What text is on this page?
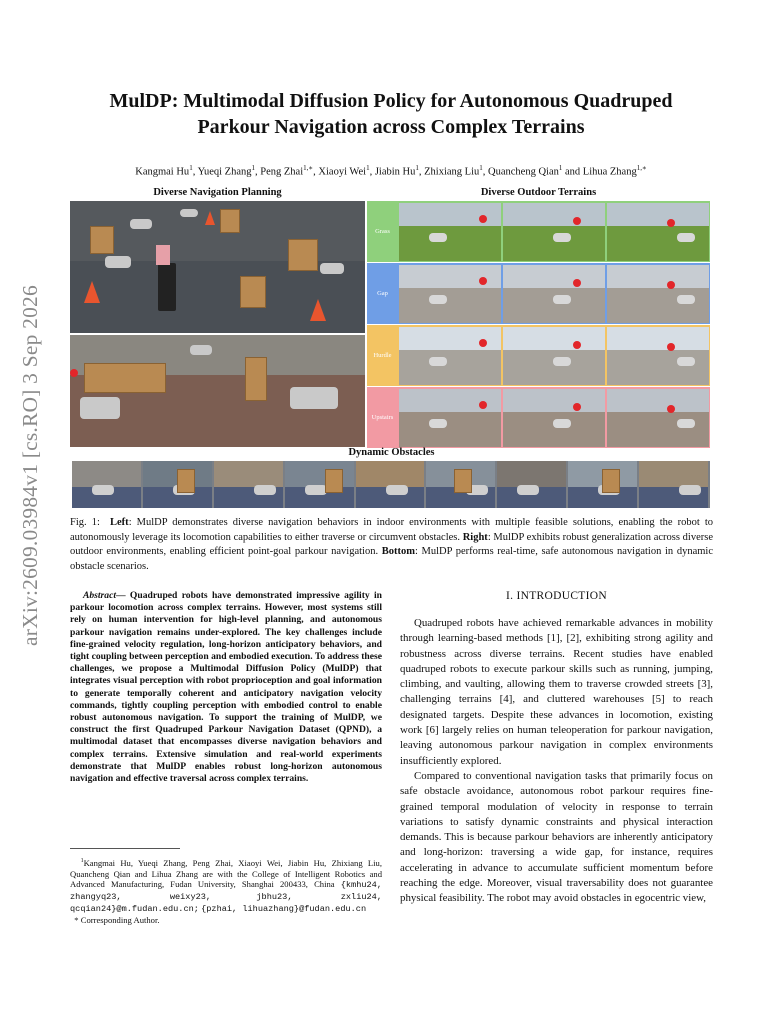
arXiv:2609.03984v1 [cs.RO] 3 Sep 2026
MulDP: Multimodal Diffusion Policy for Autonomous Quadruped
Parkour Navigation across Complex Terrains
Kangmai Hu$^1$, Yueqi Zhang$^1$, Peng Zhai$^{1,∗}$, Xiaoyi Wei$^1$, Jiabin Hu$^1$, Zhixiang Liu$^1$, Quancheng Qian$^1$ and Lihua Zhang$^{1,∗}$
Diverse Navigation Planning	Diverse Outdoor Terrains
Grass
Gap
Hurdle
Upstairs
Dynamic Obstacles
Fig. 1: Left: MulDP demonstrates diverse navigation behaviors in indoor environments with multiple feasible solutions, enabling the robot to autonomously leverage its locomotion capabilities to either traverse or circumvent obstacles. Right: MulDP exhibits robust generalization across diverse outdoor environments, enabling efficient point-goal parkour navigation. Bottom: MulDP performs real-time, safe autonomous navigation in dynamic obstacle scenarios.
Abstract— Quadruped robots have demonstrated impressive agility in parkour locomotion across complex terrains. However, most systems still rely on human intervention for high-level planning, and autonomous parkour navigation remains under-explored. The key challenges include fine-grained velocity regulation, long-horizon anticipatory behaviors, and tight coupling between perception and embodied execution. To address these challenges, we propose a Multimodal Diffusion Policy (MulDP) that integrates visual perception with robot proprioception and goal information to generate temporally coherent and anticipatory navigation velocity commands, tightly coupling perception with embodied control to enable robust autonomous navigation. To support the training of MulDP, we construct the first Quadruped Parkour Navigation Dataset (QPND), a multimodal dataset that encompasses diverse navigation behaviors and complex terrains. Extensive simulation and real-world experiments demonstrate that MulDP enables robust long-horizon autonomous navigation and effective traversal across complex terrains.
$^1$Kangmai Hu, Yueqi Zhang, Peng Zhai, Xiaoyi Wei, Jiabin Hu, Zhixiang Liu, Quancheng Qian and Lihua Zhang are with the College of Intelligent Robotics and Advanced Manufacturing, Fudan University, Shanghai 200433, China {kmhu24, zhangyq23, weixy23,	jbhu23, zxliu24, qcqian24}@m.fudan.edu.cn; {pzhai, lihuazhang}@fudan.edu.cn
* Corresponding Author.
I. INTRODUCTION

Quadruped robots have achieved remarkable advances in mobility through learning-based methods [1], [2], exhibiting strong agility and robustness across diverse terrains. Recent studies have enabled quadruped robots to execute parkour skills such as running, jumping, climbing, and vaulting, allowing them to traverse crowded streets [3], challenging terrains [4], and cluttered warehouses [5] to reach designated targets. Despite these advances in locomotion, existing work [6] largely relies on human teleoperation for parkour navigation, leaving autonomous parkour navigation in complex environments insufficiently explored.

Compared to conventional navigation tasks that primarily focus on safe obstacle avoidance, autonomous robot parkour requires fine-grained temporal modulation of velocity in response to terrain variations to satisfy dynamic constraints and physical interaction demands. This is because parkour behaviors are inherently anticipatory and long-horizon: traversing a wide gap, for instance, requires accelerating in advance to accumulate sufficient momentum before reaching the edge. Moreover, visual traversability does not guarantee physical feasibility. The robot may avoid obstacles in egocentric view,
